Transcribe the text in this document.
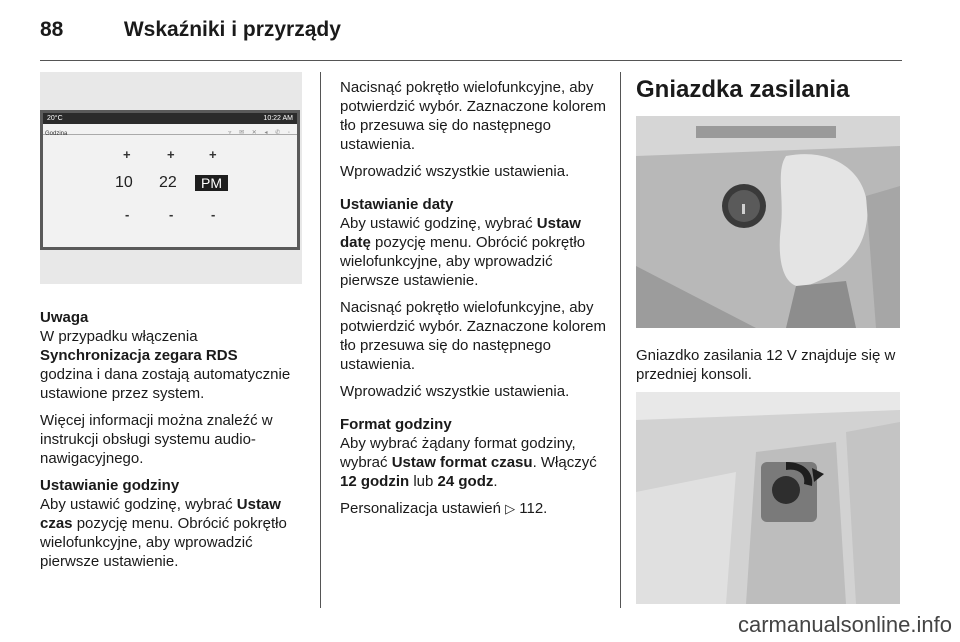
88	Wskaźniki i przyrządy
20°C	10:22 AM
Godzina	▿ ✉ ✕ ◂ ✆ ◦
+	+	+
10 22	PM
-	-	-

Uwaga

W przypadku włączenia

Synchronizacja zegara RDS

godzina i dana zostają automatycznie ustawione przez system.

Więcej informacji można znaleźć w instrukcji obsługi systemu audio-nawigacyjnego.

Ustawianie godziny

Aby ustawić godzinę, wybrać Ustaw czas pozycję menu. Obrócić pokrętło wielofunkcyjne, aby wprowadzić pierwsze ustawienie.

Nacisnąć pokrętło wielofunkcyjne, aby potwierdzić wybór. Zaznaczone kolorem tło przesuwa się do następnego ustawienia.

Wprowadzić wszystkie ustawienia.

Ustawianie daty

Aby ustawić godzinę, wybrać Ustaw datę pozycję menu. Obrócić pokrętło wielofunkcyjne, aby wprowadzić pierwsze ustawienie.

Nacisnąć pokrętło wielofunkcyjne, aby potwierdzić wybór. Zaznaczone kolorem tło przesuwa się do następnego ustawienia.

Wprowadzić wszystkie ustawienia.

Format godziny

Aby wybrać żądany format godziny, wybrać Ustaw format czasu. Włączyć 12 godzin lub 24 godz.

Personalizacja ustawień ▷ 112.

Gniazdka zasilania

Gniazdko zasilania 12 V znajduje się w przedniej konsoli.

carmanualsonline.info
